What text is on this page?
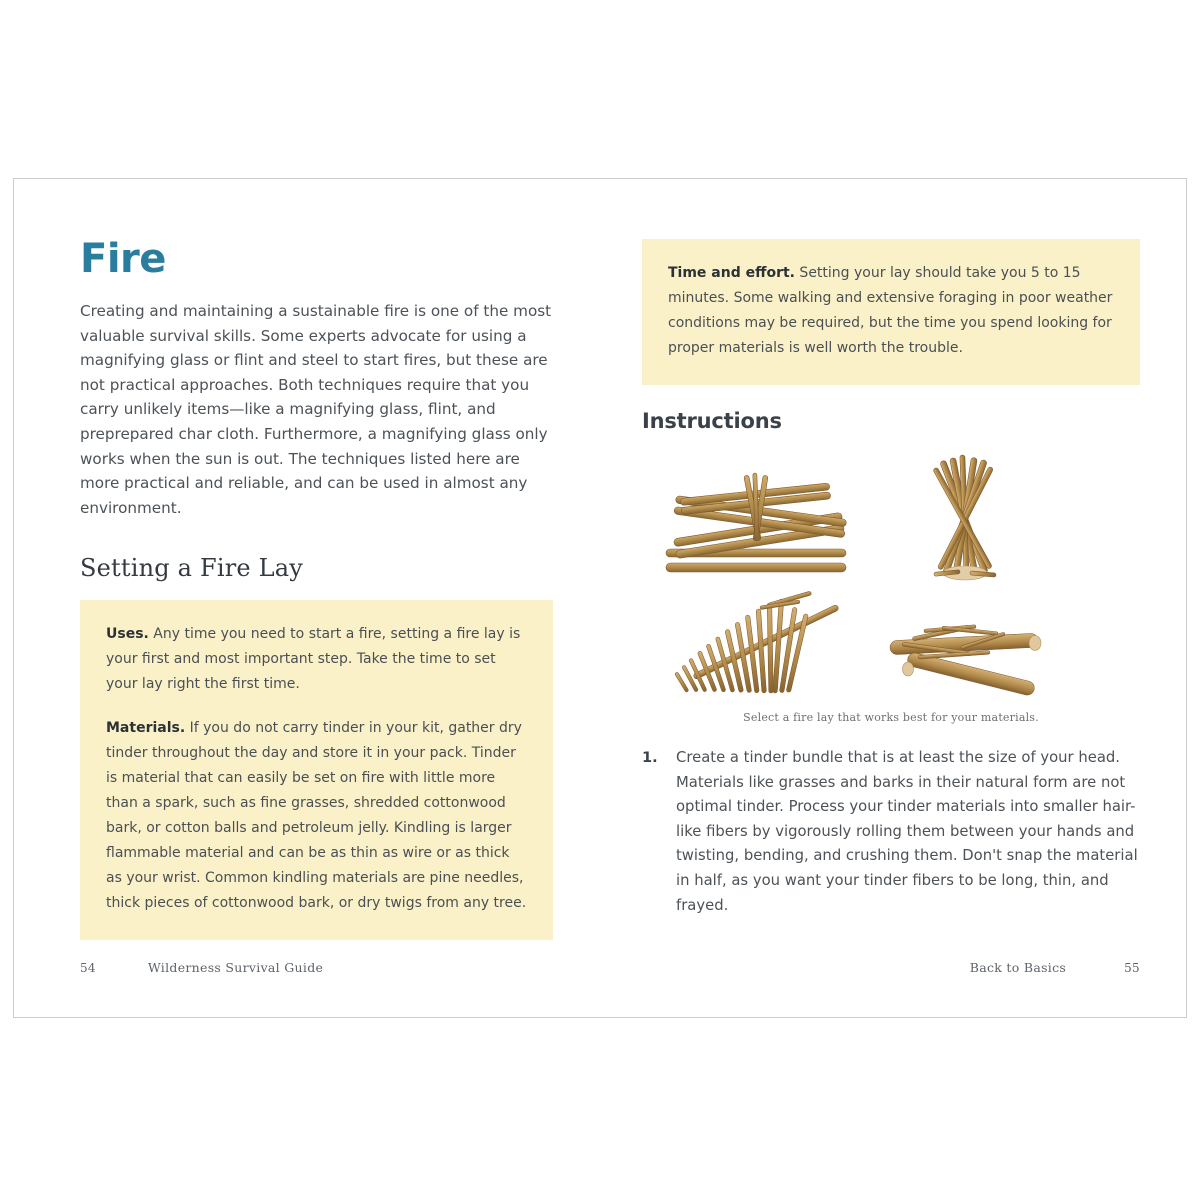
Fire

Creating and maintaining a sustainable fire is one of the most valuable survival skills. Some experts advocate for using a magnifying glass or flint and steel to start fires, but these are not practical approaches. Both techniques require that you carry unlikely items—like a magnifying glass, flint, and preprepared char cloth. Furthermore, a magnifying glass only works when the sun is out. The techniques listed here are more practical and reliable, and can be used in almost any environment.

Setting a Fire Lay

Uses. Any time you need to start a fire, setting a fire lay is your first and most important step. Take the time to set your lay right the first time.

Materials. If you do not carry tinder in your kit, gather dry tinder throughout the day and store it in your pack. Tinder is material that can easily be set on fire with little more than a spark, such as fine grasses, shredded cottonwood bark, or cotton balls and petroleum jelly. Kindling is larger flammable material and can be as thin as wire or as thick as your wrist. Common kindling materials are pine needles, thick pieces of cottonwood bark, or dry twigs from any tree.

54	Wilderness Survival Guide

Time and effort. Setting your lay should take you 5 to 15 minutes. Some walking and extensive foraging in poor weather conditions may be required, but the time you spend looking for proper materials is well worth the trouble.

Instructions

Select a fire lay that works best for your materials.

1. Create a tinder bundle that is at least the size of your head. Materials like grasses and barks in their natural form are not optimal tinder. Process your tinder materials into smaller hair-like fibers by vigorously rolling them between your hands and twisting, bending, and crushing them. Don't snap the material in half, as you want your tinder fibers to be long, thin, and frayed.
Back to Basics	55
